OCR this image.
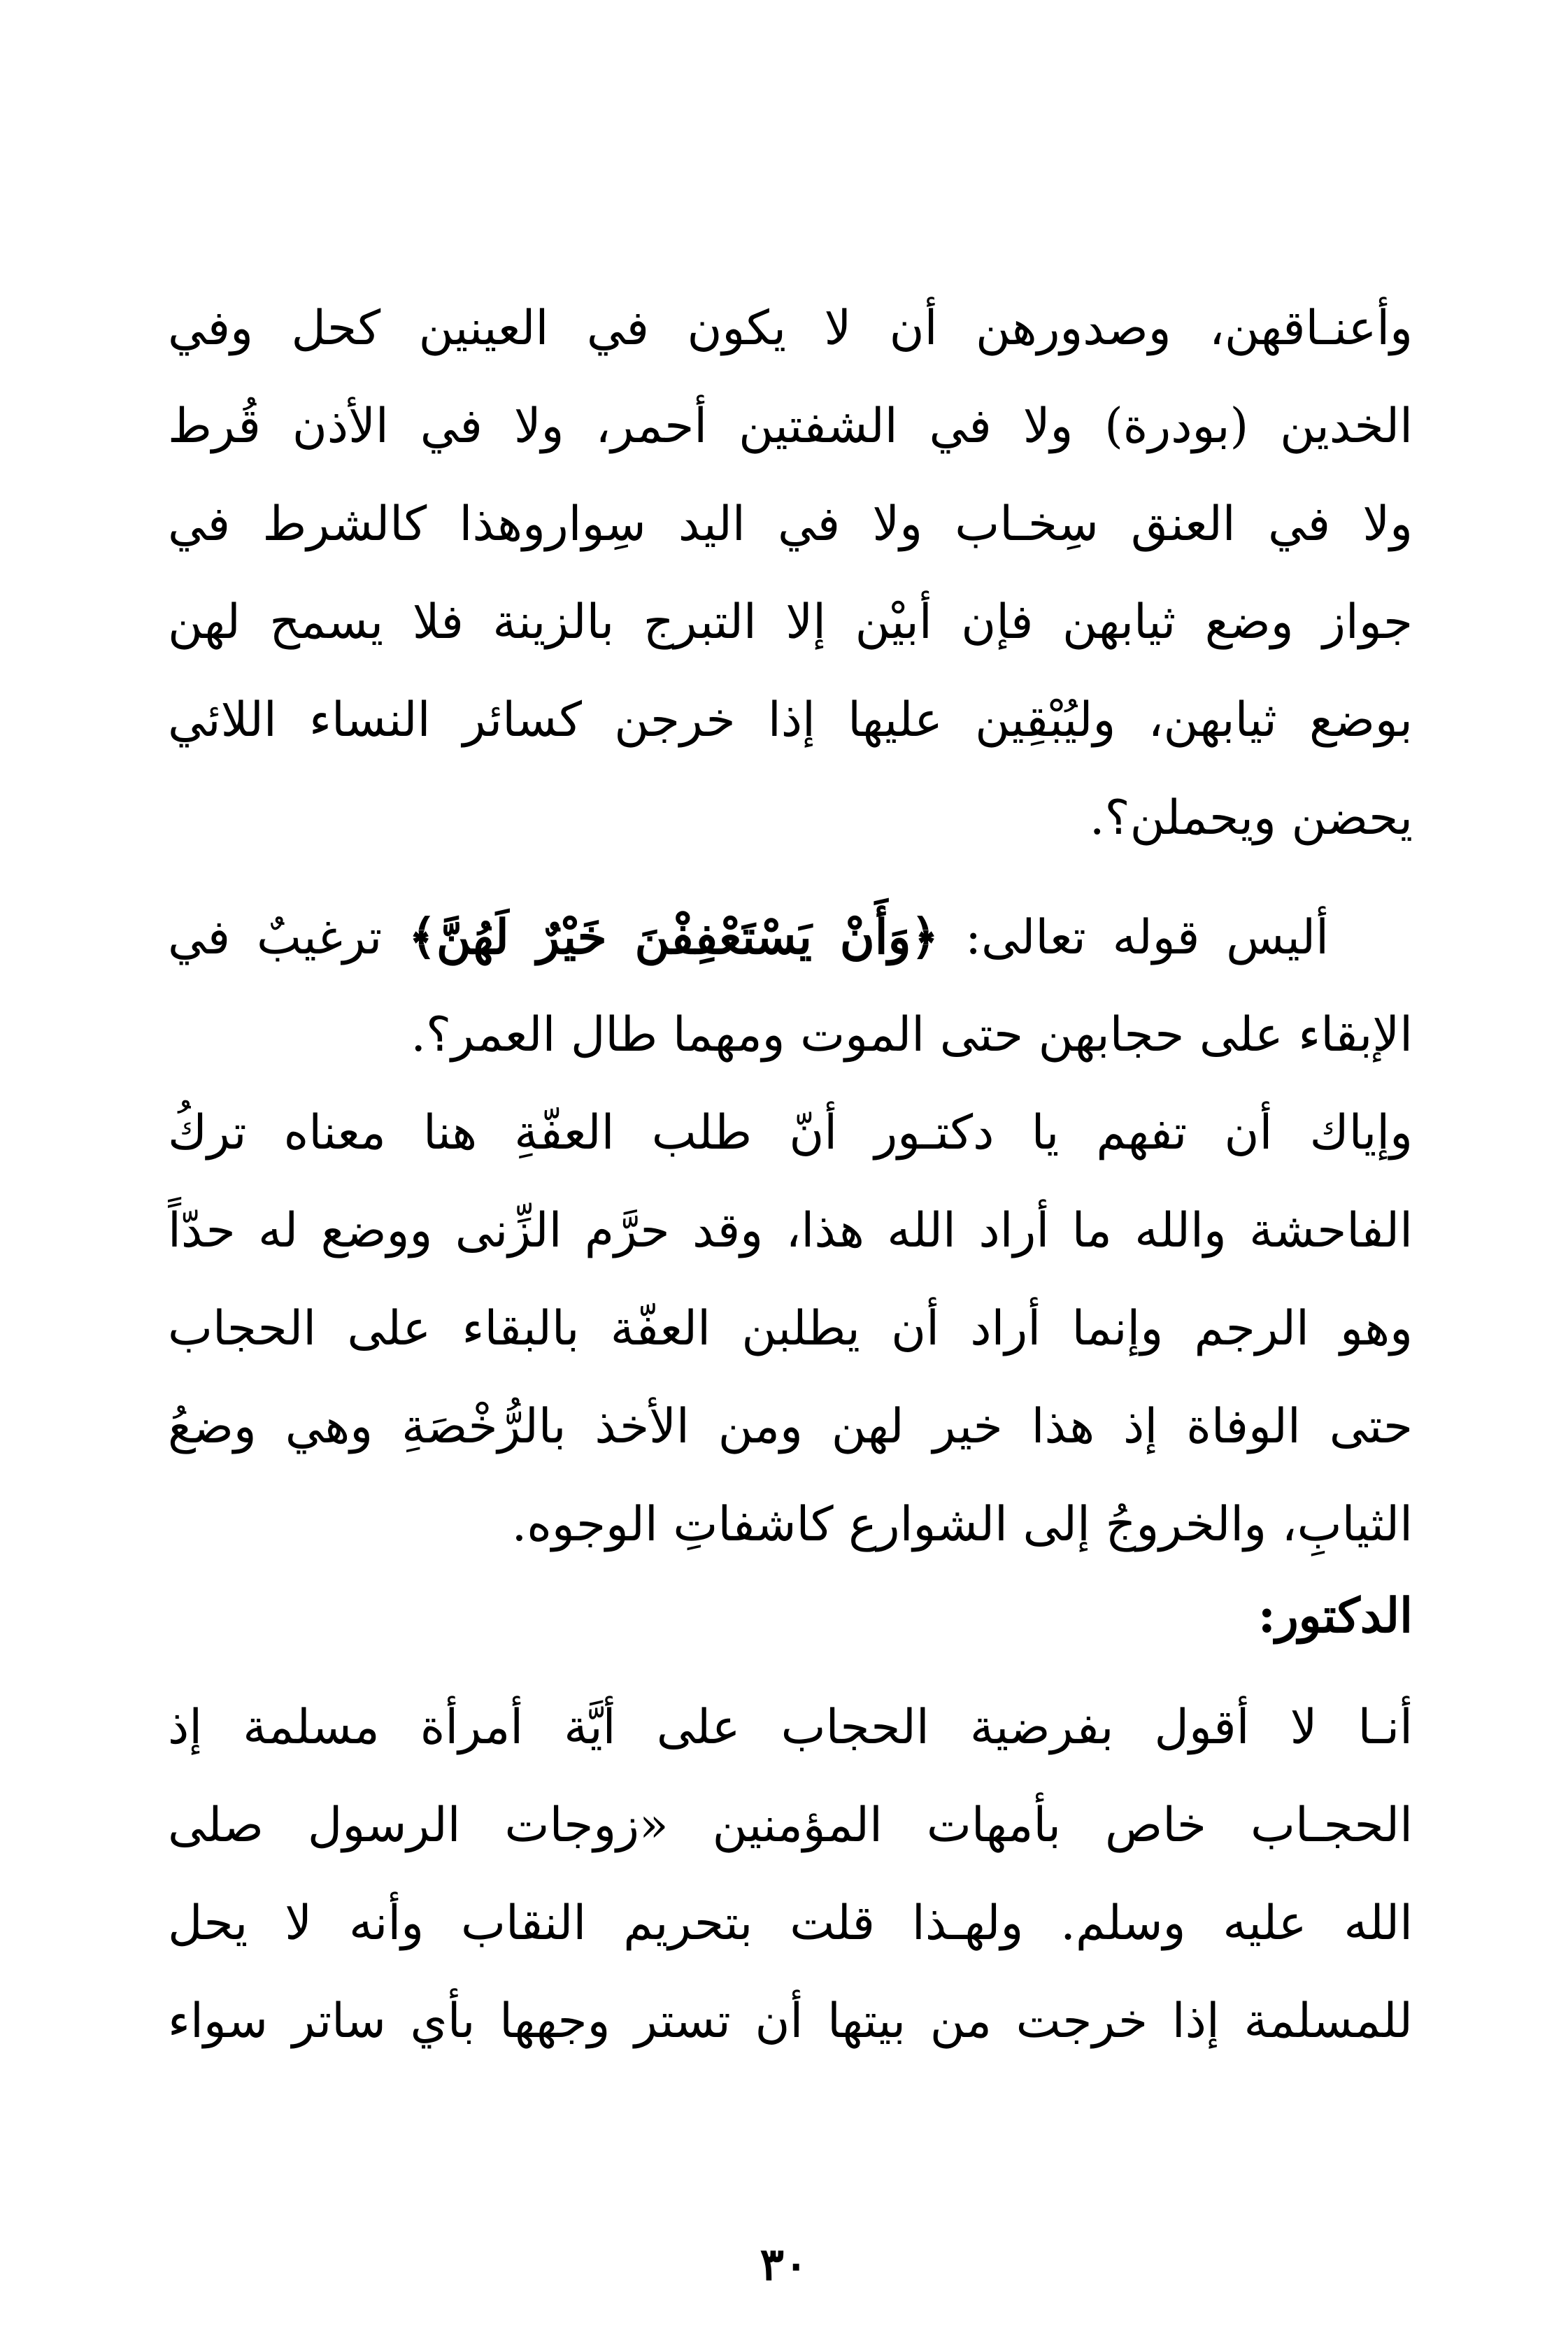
وأعنـاقهن، وصدورهن أن لا يكون في العينين كحل وفي
الخدين (بودرة) ولا في الشفتين أحمر، ولا في الأذن قُرط
ولا في العنق سِخـاب ولا في اليد سِواروهذا كالشرط في
جواز وضع ثيابهن فإن أبيْن إلا التبرج بالزينة فلا يسمح لهن
بوضع ثيابهن، وليُبْقِين عليها إذا خرجن كسائر النساء اللائي
يحضن ويحملن؟.
أليس قوله تعالى: ﴿وَأَنْ يَسْتَعْفِفْنَ خَيْرٌ لَهُنَّ﴾ ترغيبٌ في
الإبقاء على حجابهن حتى الموت ومهما طال العمر؟.
وإياك أن تفهم يا دكتـور أنّ طلب العفّةِ هنا معناه تركُ
الفاحشة والله ما أراد الله هذا، وقد حرَّم الزِّنى ووضع له حدّاً
وهو الرجم وإنما أراد أن يطلبن العفّة بالبقاء على الحجاب
حتى الوفاة إذ هذا خير لهن ومن الأخذ بالرُّخْصَةِ وهي وضعُ
الثيابِ، والخروجُ إلى الشوارع كاشفاتِ الوجوه.
الدكتور:
أنـا لا أقول بفرضية الحجاب على أيَّة أمرأة مسلمة إذ
الحجـاب خاص بأمهات المؤمنين «زوجات الرسول صلى
الله عليه وسلم. ولهـذا قلت بتحريم النقاب وأنه لا يحل
للمسلمة إذا خرجت من بيتها أن تستر وجهها بأي ساتر سواء
٣٠
